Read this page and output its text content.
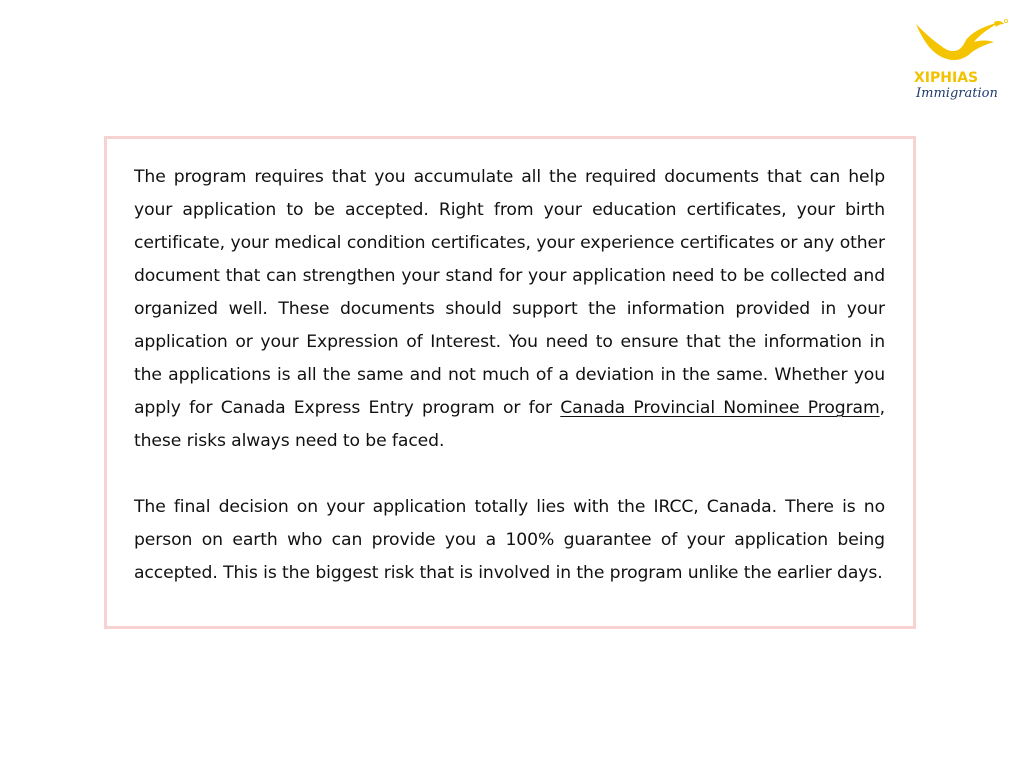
XIPHIAS
Immigration

The program requires that you accumulate all the required documents that can help your application to be accepted. Right from your education certificates, your birth certificate, your medical condition certificates, your experience certificates or any other document that can strengthen your stand for your application need to be collected and organized well. These documents should support the information provided in your application or your Expression of Interest. You need to ensure that the information in the applications is all the same and not much of a deviation in the same. Whether you apply for Canada Express Entry program or for Canada Provincial Nominee Program, these risks always need to be faced.

The final decision on your application totally lies with the IRCC, Canada. There is no person on earth who can provide you a 100% guarantee of your application being accepted. This is the biggest risk that is involved in the program unlike the earlier days.
